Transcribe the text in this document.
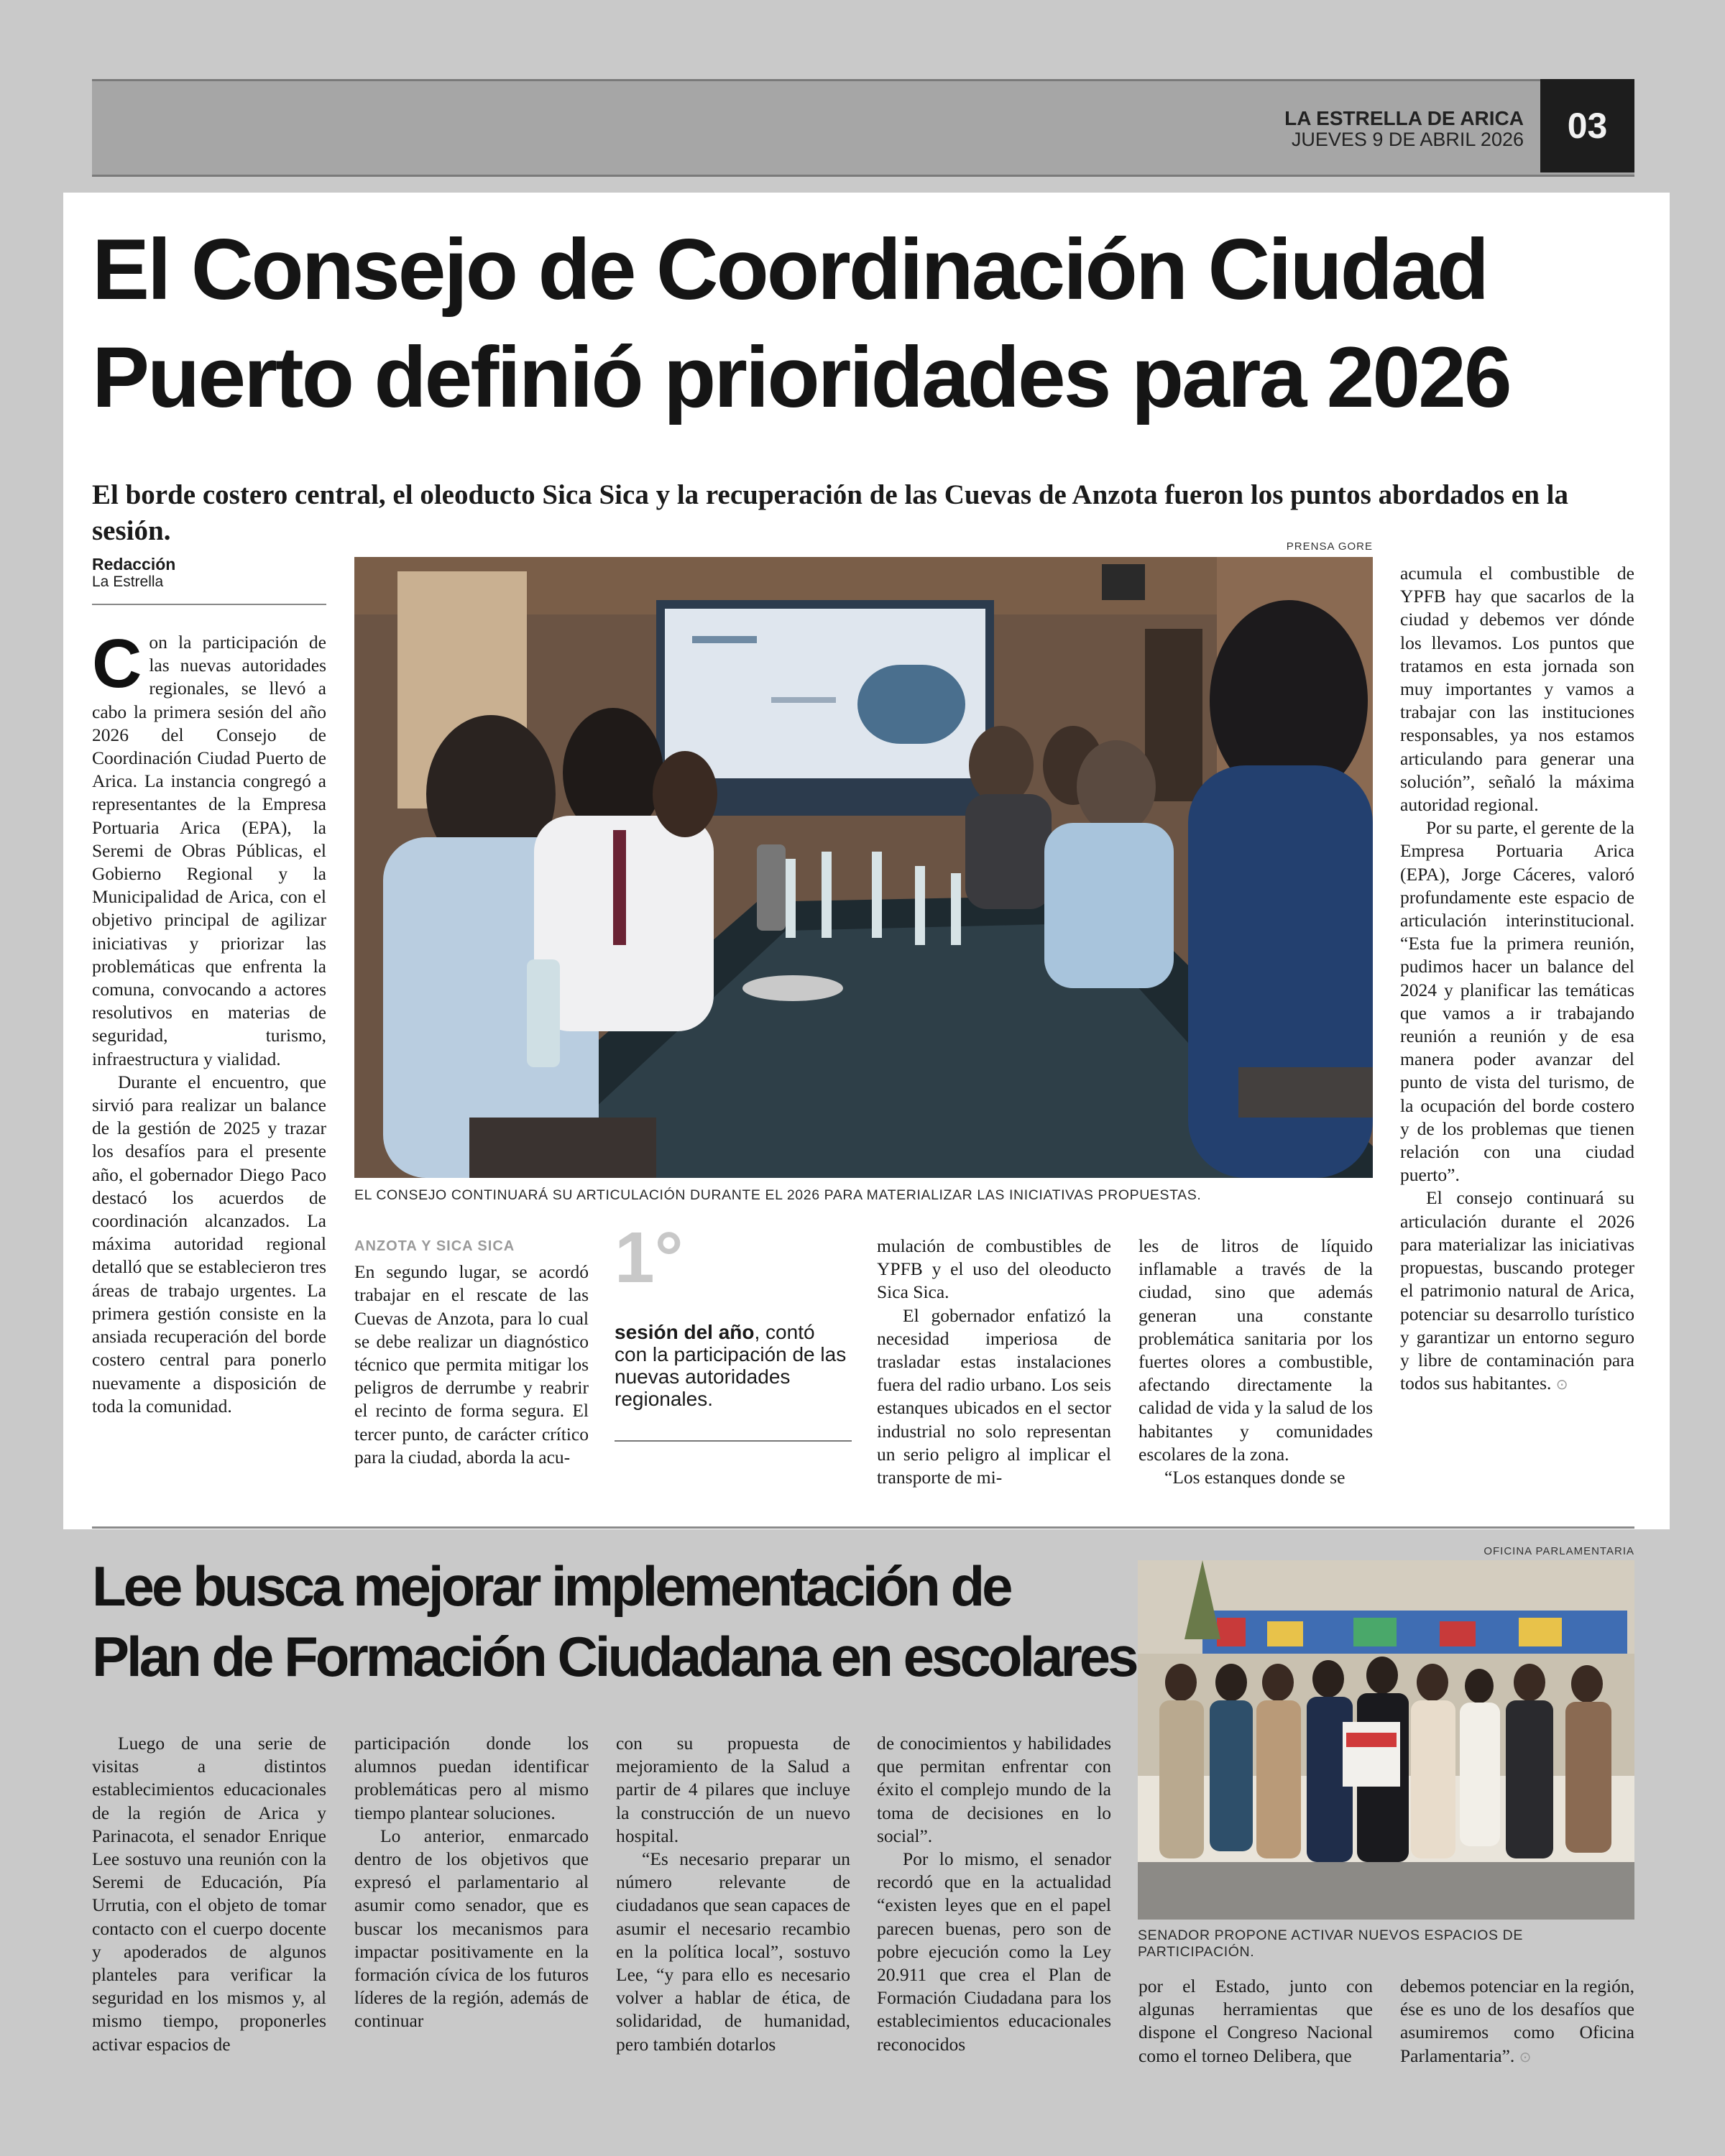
LA ESTRELLA DE ARICA
JUEVES 9 DE ABRIL 2026	03
El Consejo de Coordinación Ciudad
Puerto definió prioridades para 2026
El borde costero central, el oleoducto Sica Sica y la recuperación de las Cuevas de Anzota fueron los puntos abordados en la sesión.
Redacción
La Estrella

Con la participación de las nuevas autoridades regionales, se llevó a cabo la primera sesión del año 2026 del Consejo de Coordinación Ciudad Puerto de Arica. La instancia congregó a representantes de la Empresa Portuaria Arica (EPA), la Seremi de Obras Públicas, el Gobierno Regional y la Municipalidad de Arica, con el objetivo principal de agilizar iniciativas y priorizar las problemáticas que enfrenta la comuna, convocando a actores resolutivos en materias de seguridad, turismo, infraestructura y vialidad.

Durante el encuentro, que sirvió para realizar un balance de la gestión de 2025 y trazar los desafíos para el presente año, el gobernador Diego Paco destacó los acuerdos de coordinación alcanzados. La máxima autoridad regional detalló que se establecieron tres áreas de trabajo urgentes. La primera gestión consiste en la ansiada recuperación del borde costero central para ponerlo nuevamente a disposición de toda la comunidad.

PRENSA GORE
EL CONSEJO CONTINUARÁ SU ARTICULACIÓN DURANTE EL 2026 PARA MATERIALIZAR LAS INICIATIVAS PROPUESTAS.
ANZOTA Y SICA SICA

En segundo lugar, se acordó trabajar en el rescate de las Cuevas de Anzota, para lo cual se debe realizar un diagnóstico técnico que permita mitigar los peligros de derrumbe y reabrir el recinto de forma segura. El tercer punto, de carácter crítico para la ciudad, aborda la acu-

1°
sesión del año, contó con la participación de las nuevas autoridades regionales.

mulación de combustibles de YPFB y el uso del oleoducto Sica Sica.

El gobernador enfatizó la necesidad imperiosa de trasladar estas instalaciones fuera del radio urbano. Los seis estanques ubicados en el sector industrial no solo representan un serio peligro al implicar el transporte de mi-

les de litros de líquido inflamable a través de la ciudad, sino que además generan una constante problemática sanitaria por los fuertes olores a combustible, afectando directamente la calidad de vida y la salud de los habitantes y comunidades escolares de la zona.

“Los estanques donde se

acumula el combustible de YPFB hay que sacarlos de la ciudad y debemos ver dónde los llevamos. Los puntos que tratamos en esta jornada son muy importantes y vamos a trabajar con las instituciones responsables, ya nos estamos articulando para generar una solución”, señaló la máxima autoridad regional.

Por su parte, el gerente de la Empresa Portuaria Arica (EPA), Jorge Cáceres, valoró profundamente este espacio de articulación interinstitucional. “Esta fue la primera reunión, pudimos hacer un balance del 2024 y planificar las temáticas que vamos a ir trabajando reunión a reunión y de esa manera poder avanzar del punto de vista del turismo, de la ocupación del borde costero y de los problemas que tienen relación con una ciudad puerto”.

El consejo continuará su articulación durante el 2026 para materializar las iniciativas propuestas, buscando proteger el patrimonio natural de Arica, potenciar su desarrollo turístico y garantizar un entorno seguro y libre de contaminación para todos sus habitantes. ⊙

Lee busca mejorar implementación de
Plan de Formación Ciudadana en escolares
OFICINA PARLAMENTARIA
SENADOR PROPONE ACTIVAR NUEVOS ESPACIOS DE PARTICIPACIÓN.

Luego de una serie de visitas a distintos establecimientos educacionales de la región de Arica y Parinacota, el senador Enrique Lee sostuvo una reunión con la Seremi de Educación, Pía Urrutia, con el objeto de tomar contacto con el cuerpo docente y apoderados de algunos planteles para verificar la seguridad en los mismos y, al mismo tiempo, proponerles activar espacios de

participación donde los alumnos puedan identificar problemáticas pero al mismo tiempo plantear soluciones.

Lo anterior, enmarcado dentro de los objetivos que expresó el parlamentario al asumir como senador, que es buscar los mecanismos para impactar positivamente en la formación cívica de los futuros líderes de la región, además de continuar

con su propuesta de mejoramiento de la Salud a partir de 4 pilares que incluye la construcción de un nuevo hospital.

“Es necesario preparar un número relevante de ciudadanos que sean capaces de asumir el necesario recambio en la política local”, sostuvo Lee, “y para ello es necesario volver a hablar de ética, de solidaridad, de humanidad, pero también dotarlos

de conocimientos y habilidades que permitan enfrentar con éxito el complejo mundo de la toma de decisiones en lo social”.

Por lo mismo, el senador recordó que en la actualidad “existen leyes que en el papel parecen buenas, pero son de pobre ejecución como la Ley 20.911 que crea el Plan de Formación Ciudadana para los establecimientos educacionales reconocidos

por el Estado, junto con algunas herramientas que dispone el Congreso Nacional como el torneo Delibera, que

debemos potenciar en la región, ése es uno de los desafíos que asumiremos como Oficina Parlamentaria”. ⊙
